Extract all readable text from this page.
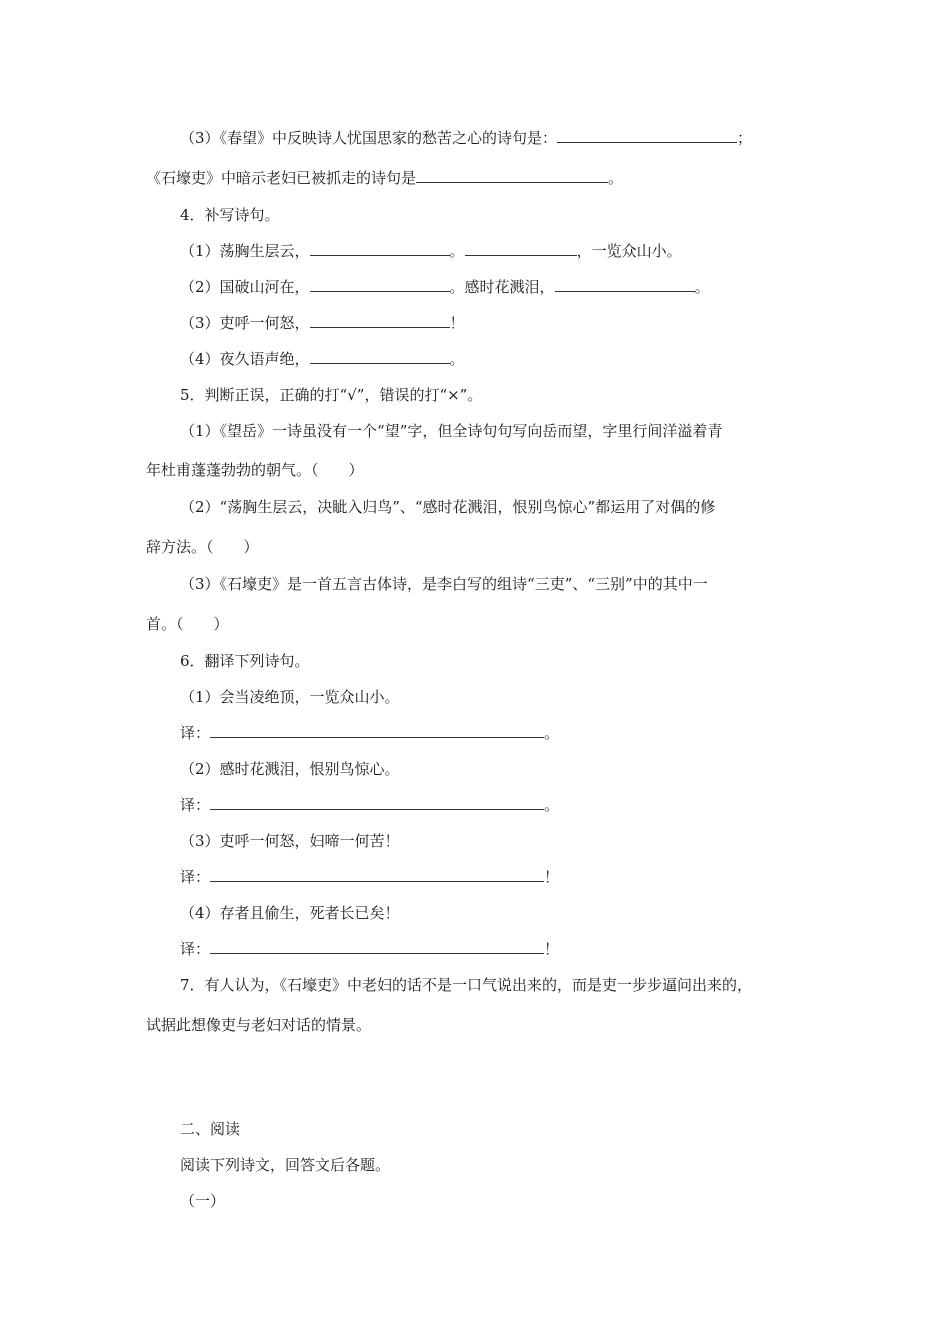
（3）《春望》中反映诗人忧国思家的愁苦之心的诗句是：	；
《石壕吏》中暗示老妇已被抓走的诗句是	。
4．补写诗句。
（1）荡胸生层云，	。	，一览众山小。
（2）国破山河在，	。感时花溅泪，	。
（3）吏呼一何怒，	！
（4）夜久语声绝，	。
5．判断正误，正确的打“√”，错误的打“×”。
（1）《望岳》一诗虽没有一个“望”字，但全诗句句写向岳而望，字里行间洋溢着青
年杜甫蓬蓬勃勃的朝气。（　　）
（2）“荡胸生层云，决眦入归鸟”、“感时花溅泪，恨别鸟惊心”都运用了对偶的修
辞方法。（　　）
（3）《石壕吏》是一首五言古体诗，是李白写的组诗“三吏”、“三别”中的其中一
首。（　　）
6．翻译下列诗句。
（1）会当凌绝顶，一览众山小。
译：	。
（2）感时花溅泪，恨别鸟惊心。
译：	。
（3）吏呼一何怒，妇啼一何苦！
译：	！
（4）存者且偷生，死者长已矣！
译：	！
7．有人认为，《石壕吏》中老妇的话不是一口气说出来的，而是吏一步步逼问出来的，
试据此想像吏与老妇对话的情景。
二、阅读
阅读下列诗文，回答文后各题。
（一）
